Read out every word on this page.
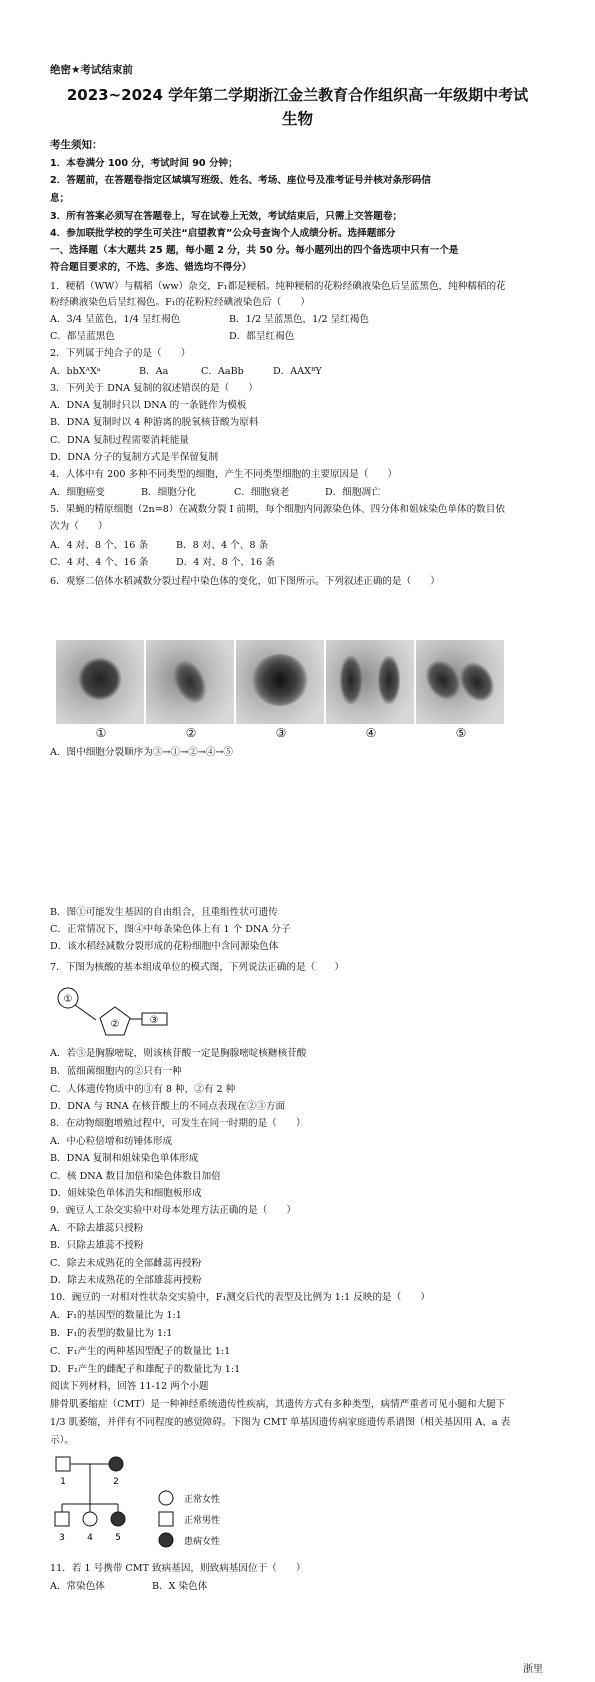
绝密★考试结束前
2023~2024 学年第二学期浙江金兰教育合作组织高一年级期中考试
生物
考生须知：
1．本卷满分 100 分，考试时间 90 分钟；
2．答题前，在答题卷指定区域填写班级、姓名、考场、座位号及准考证号并核对条形码信
息；
3．所有答案必须写在答题卷上，写在试卷上无效，考试结束后，只需上交答题卷；
4．参加联批学校的学生可关注“启望教育”公众号查询个人成绩分析。选择题部分
一、选择题（本大题共 25 题，每小题 2 分，共 50 分。每小题列出的四个备选项中只有一个是
符合题目要求的，不选、多选、错选均不得分）
1．粳稻（WW）与糯稻（ww）杂交，F₁都是粳稻。纯种粳稻的花粉经碘液染色后呈蓝黑色，纯种糯稻的花
粉经碘液染色后呈红褐色。F₁的花粉粒经碘液染色后（　　）
A．3/4 呈蓝色，1/4 呈红褐色	B．1/2 呈蓝黑色，1/2 呈红褐色
C．都呈蓝黑色	D．都呈红褐色
2．下列属于纯合子的是（　　）
A．bbXᴬXᵃ	B．Aa	C．AaBb	D．AAXᴮY
3．下列关于 DNA 复制的叙述错误的是（　　）
A．DNA 复制时只以 DNA 的一条链作为模板
B．DNA 复制时以 4 种游离的脱氧核苷酸为原料
C．DNA 复制过程需要消耗能量
D．DNA 分子的复制方式是半保留复制
4．人体中有 200 多种不同类型的细胞，产生不同类型细胞的主要原因是（　　）
A．细胞癌变	B．细胞分化	C．细胞衰老	D．细胞凋亡
5．果蝇的精原细胞（2n=8）在减数分裂 I 前期，每个细胞内同源染色体、四分体和姐妹染色单体的数目依
次为（　　）
A．4 对、8 个、16 条	B．8 对、4 个、8 条
C．4 对、4 个、16 条	D．4 对、8 个、16 条
6．观察二倍体水稻减数分裂过程中染色体的变化，如下图所示。下列叙述正确的是（　　）
①	②	③	④	⑤
A．图中细胞分裂顺序为③→①→②→④→⑤
B．图①可能发生基因的自由组合，且重组性状可遗传
C．正常情况下，图④中每条染色体上有 1 个 DNA 分子
D．该水稻经减数分裂形成的花粉细胞中含同源染色体
7．下图为核酸的基本组成单位的模式图，下列说法正确的是（　　）
①
②	③
A．若③是胸腺嘧啶，则该核苷酸一定是胸腺嘧啶核糖核苷酸
B．蓝细菌细胞内的②只有一种
C．人体遗传物质中的③有 8 种，②有 2 种
D．DNA 与 RNA 在核苷酸上的不同点表现在②③方面
8．在动物细胞增殖过程中，可发生在同一时期的是（　　）
A．中心粒倍增和纺锤体形成
B．DNA 复制和姐妹染色单体形成
C．核 DNA 数目加倍和染色体数目加倍
D．姐妹染色单体消失和细胞板形成
9．豌豆人工杂交实验中对母本处理方法正确的是（　　）
A．不除去雄蕊只授粉
B．只除去雄蕊不授粉
C．除去未成熟花的全部雌蕊再授粉
D．除去未成熟花的全部雄蕊再授粉
10．豌豆的一对相对性状杂交实验中，F₁测交后代的表型及比例为 1:1 反映的是（　　）
A．F₁的基因型的数量比为 1:1
B．F₁的表型的数量比为 1:1
C．F₁产生的两种基因型配子的数量比 1:1
D．F₁产生的雌配子和雄配子的数量比为 1:1
阅读下列材料，回答 11-12 两个小题
腓骨肌萎缩症（CMT）是一种神经系统遗传性疾病，其遗传方式有多种类型，病情严重者可见小腿和大腿下
1/3 肌萎缩，并伴有不同程度的感觉障碍。下图为 CMT 单基因遗传病家庭遗传系谱图（相关基因用 A、a 表
示）。
1	2
3 4 5
正常女性
正常男性
患病女性
11．若 1 号携带 CMT 致病基因，则致病基因位于（　　）
A．常染色体	B．X 染色体
浙里
